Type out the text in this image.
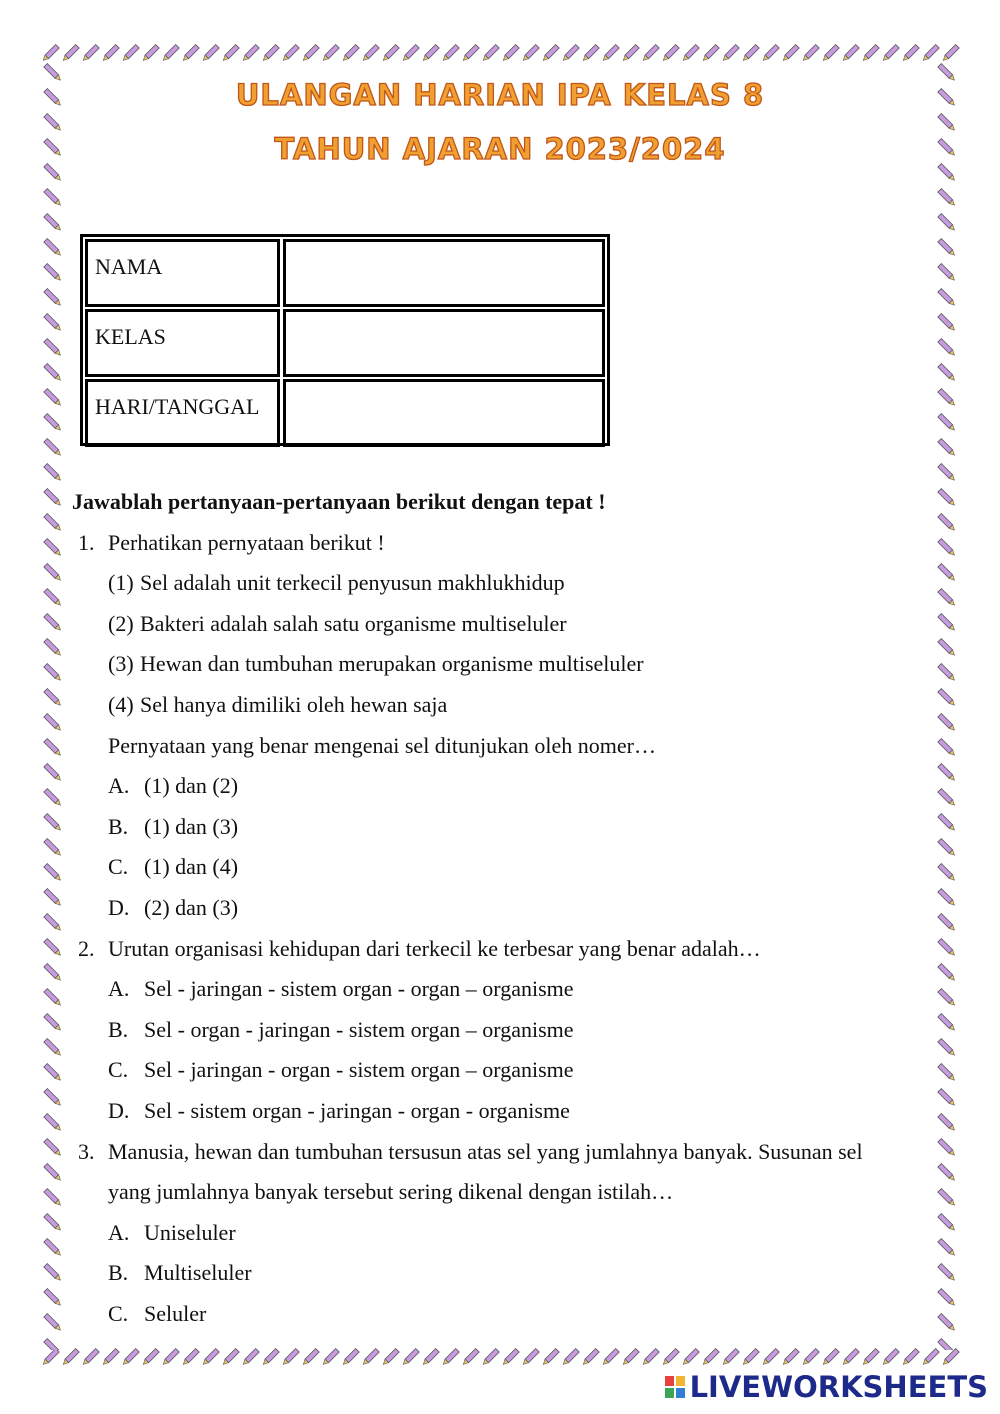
ULANGAN HARIAN IPA KELAS 8
TAHUN AJARAN 2023/2024
NAMA
KELAS
HARI/TANGGAL
Jawablah pertanyaan-pertanyaan berikut dengan tepat !
1. Perhatikan pernyataan berikut !
(1) Sel adalah unit terkecil penyusun makhlukhidup
(2) Bakteri adalah salah satu organisme multiseluler
(3) Hewan dan tumbuhan merupakan organisme multiseluler
(4) Sel hanya dimiliki oleh hewan saja
Pernyataan yang benar mengenai sel ditunjukan oleh nomer…
A. (1) dan (2)
B. (1) dan (3)
C. (1) dan (4)
D. (2) dan (3)
2. Urutan organisasi kehidupan dari terkecil ke terbesar yang benar adalah…
A. Sel - jaringan - sistem organ - organ – organisme
B. Sel - organ - jaringan - sistem organ – organisme
C. Sel - jaringan - organ - sistem organ – organisme
D. Sel - sistem organ - jaringan - organ - organisme
3. Manusia, hewan dan tumbuhan tersusun atas sel yang jumlahnya banyak. Susunan sel
yang jumlahnya banyak tersebut sering dikenal dengan istilah…
A. Uniseluler
B. Multiseluler
C. Seluler
LIVEWORKSHEETS
